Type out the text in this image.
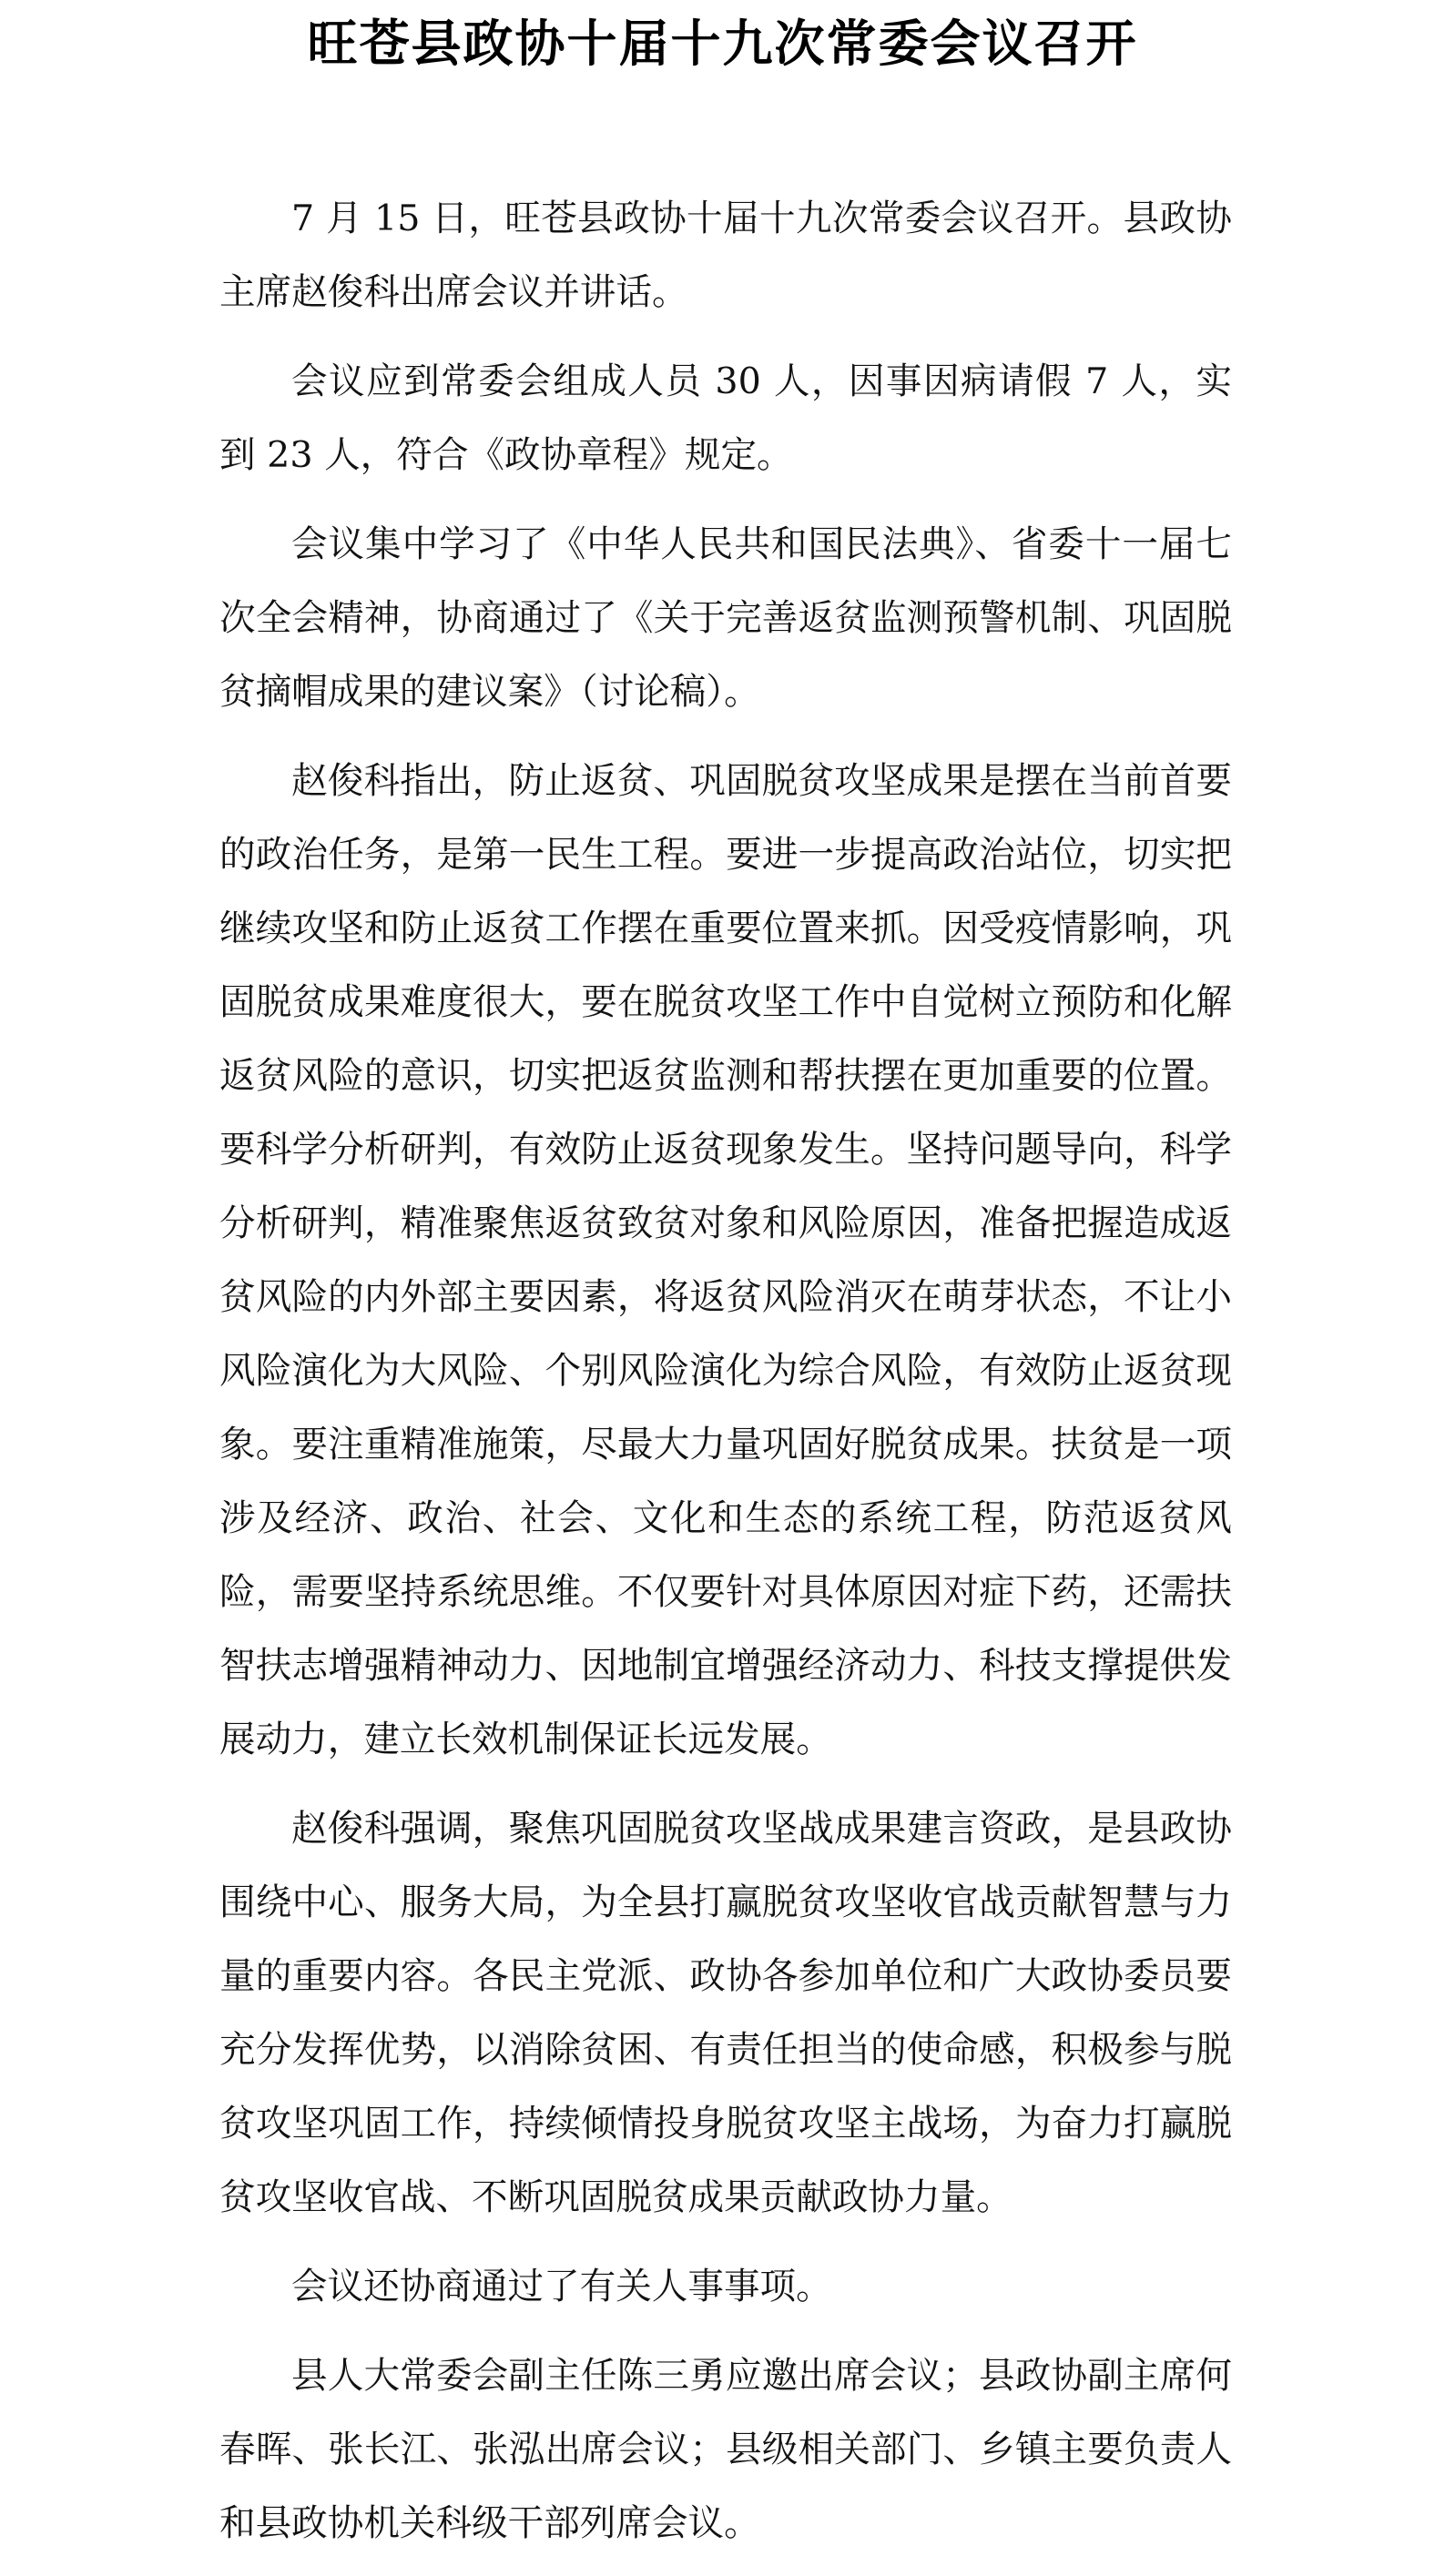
旺苍县政协十届十九次常委会议召开

7 月 15 日，旺苍县政协十届十九次常委会议召开。县政协主席赵俊科出席会议并讲话。

会议应到常委会组成人员 30 人，因事因病请假 7 人，实到 23 人，符合《政协章程》规定。

会议集中学习了《中华人民共和国民法典》、省委十一届七次全会精神，协商通过了《关于完善返贫监测预警机制、巩固脱贫摘帽成果的建议案》（讨论稿）。

赵俊科指出，防止返贫、巩固脱贫攻坚成果是摆在当前首要的政治任务，是第一民生工程。要进一步提高政治站位，切实把继续攻坚和防止返贫工作摆在重要位置来抓。因受疫情影响，巩固脱贫成果难度很大，要在脱贫攻坚工作中自觉树立预防和化解返贫风险的意识，切实把返贫监测和帮扶摆在更加重要的位置。要科学分析研判，有效防止返贫现象发生。坚持问题导向，科学分析研判，精准聚焦返贫致贫对象和风险原因，准备把握造成返贫风险的内外部主要因素，将返贫风险消灭在萌芽状态，不让小风险演化为大风险、个别风险演化为综合风险，有效防止返贫现象。要注重精准施策，尽最大力量巩固好脱贫成果。扶贫是一项涉及经济、政治、社会、文化和生态的系统工程，防范返贫风险，需要坚持系统思维。不仅要针对具体原因对症下药，还需扶智扶志增强精神动力、因地制宜增强经济动力、科技支撑提供发展动力，建立长效机制保证长远发展。

赵俊科强调，聚焦巩固脱贫攻坚战成果建言资政，是县政协围绕中心、服务大局，为全县打赢脱贫攻坚收官战贡献智慧与力量的重要内容。各民主党派、政协各参加单位和广大政协委员要充分发挥优势，以消除贫困、有责任担当的使命感，积极参与脱贫攻坚巩固工作，持续倾情投身脱贫攻坚主战场，为奋力打赢脱贫攻坚收官战、不断巩固脱贫成果贡献政协力量。

会议还协商通过了有关人事事项。

县人大常委会副主任陈三勇应邀出席会议；县政协副主席何春晖、张长江、张泓出席会议；县级相关部门、乡镇主要负责人和县政协机关科级干部列席会议。
